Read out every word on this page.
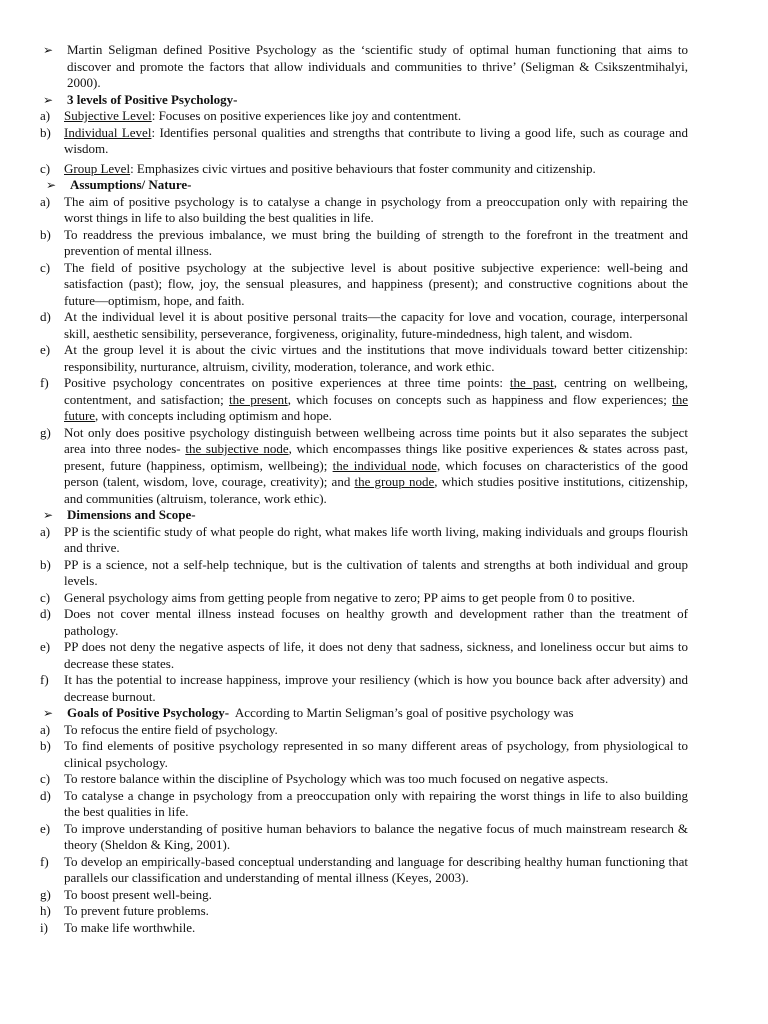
➢	Martin Seligman defined Positive Psychology as the ‘scientific study of optimal human functioning that aims to discover and promote the factors that allow individuals and communities to thrive’ (Seligman & Csikszentmihalyi, 2000).
➢	3 levels of Positive Psychology-
a)	Subjective Level: Focuses on positive experiences like joy and contentment.
b)	Individual Level: Identifies personal qualities and strengths that contribute to living a good life, such as courage and wisdom.
c)	Group Level: Emphasizes civic virtues and positive behaviours that foster community and citizenship.
➢	Assumptions/ Nature-
a)	The aim of positive psychology is to catalyse a change in psychology from a preoccupation only with repairing the worst things in life to also building the best qualities in life.
b)	To readdress the previous imbalance, we must bring the building of strength to the forefront in the treatment and prevention of mental illness.
c)	The field of positive psychology at the subjective level is about positive subjective experience: well-being and satisfaction (past); flow, joy, the sensual pleasures, and happiness (present); and constructive cognitions about the future—optimism, hope, and faith.
d)	At the individual level it is about positive personal traits—the capacity for love and vocation, courage, interpersonal skill, aesthetic sensibility, perseverance, forgiveness, originality, future-mindedness, high talent, and wisdom.
e)	At the group level it is about the civic virtues and the institutions that move individuals toward better citizenship: responsibility, nurturance, altruism, civility, moderation, tolerance, and work ethic.
f)	Positive psychology concentrates on positive experiences at three time points: the past, centring on wellbeing, contentment, and satisfaction; the present, which focuses on concepts such as happiness and flow experiences; the future, with concepts including optimism and hope.
g)	Not only does positive psychology distinguish between wellbeing across time points but it also separates the subject area into three nodes- the subjective node, which encompasses things like positive experiences & states across past, present, future (happiness, optimism, wellbeing); the individual node, which focuses on characteristics of the good person (talent, wisdom, love, courage, creativity); and the group node, which studies positive institutions, citizenship, and communities (altruism, tolerance, work ethic).
➢	Dimensions and Scope-
a)	PP is the scientific study of what people do right, what makes life worth living, making individuals and groups flourish and thrive.
b)	PP is a science, not a self-help technique, but is the cultivation of talents and strengths at both individual and group levels.
c)	General psychology aims from getting people from negative to zero; PP aims to get people from 0 to positive.
d)	Does not cover mental illness instead focuses on healthy growth and development rather than the treatment of pathology.
e)	PP does not deny the negative aspects of life, it does not deny that sadness, sickness, and loneliness occur but aims to decrease these states.
f)	It has the potential to increase happiness, improve your resiliency (which is how you bounce back after adversity) and decrease burnout.
➢	Goals of Positive Psychology-  According to Martin Seligman’s goal of positive psychology was
a)	To refocus the entire field of psychology.
b)	To find elements of positive psychology represented in so many different areas of psychology, from physiological to clinical psychology.
c)	To restore balance within the discipline of Psychology which was too much focused on negative aspects.
d)	To catalyse a change in psychology from a preoccupation only with repairing the worst things in life to also building the best qualities in life.
e)	To improve understanding of positive human behaviors to balance the negative focus of much mainstream research & theory (Sheldon & King, 2001).
f)	To develop an empirically-based conceptual understanding and language for describing healthy human functioning that parallels our classification and understanding of mental illness (Keyes, 2003).
g)	To boost present well-being.
h)	To prevent future problems.
i)	To make life worthwhile.
